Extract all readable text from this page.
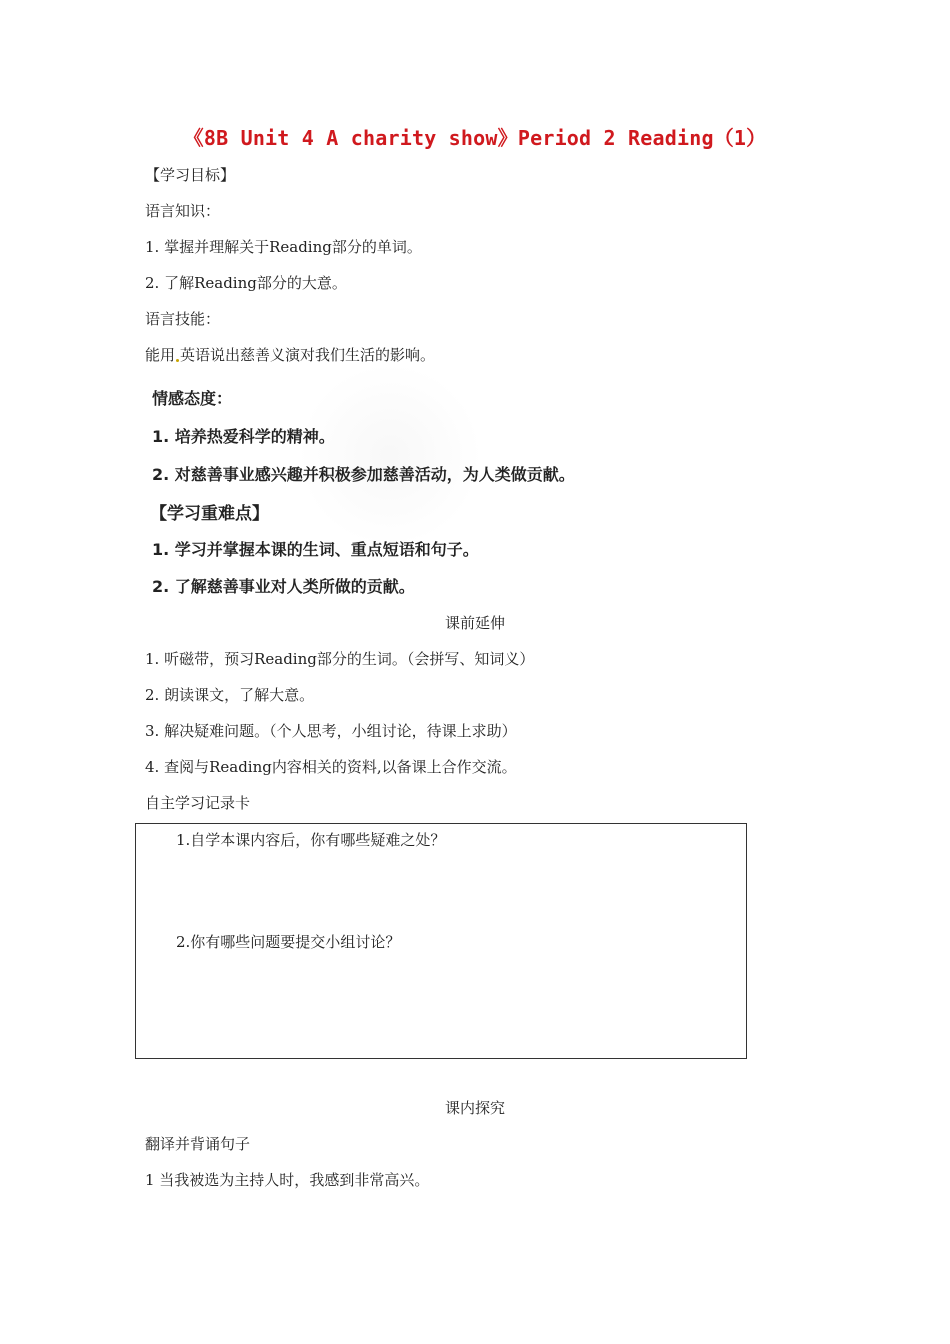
《8B Unit 4 A charity show》Period 2 Reading（1）
【学习目标】
语言知识：
1. 掌握并理解关于Reading部分的单词。
2. 了解Reading部分的大意。
语言技能：
能用 英语说出慈善义演对我们生活的影响。
情感态度：
1. 培养热爱科学的精神。
2. 对慈善事业感兴趣并积极参加慈善活动，为人类做贡献。
【学习重难点】
1. 学习并掌握本课的生词、重点短语和句子。
2. 了解慈善事业对人类所做的贡献。
课前延伸
1. 听磁带，预习Reading部分的生词。（会拼写、知词义）
2. 朗读课文，了解大意。
3. 解决疑难问题。（个人思考，小组讨论，待课上求助）
4. 查阅与Reading内容相关的资料,以备课上合作交流。
自主学习记录卡
1.自学本课内容后，你有哪些疑难之处？
2.你有哪些问题要提交小组讨论？
课内探究
翻译并背诵句子
1 当我被选为主持人时，我感到非常高兴。
